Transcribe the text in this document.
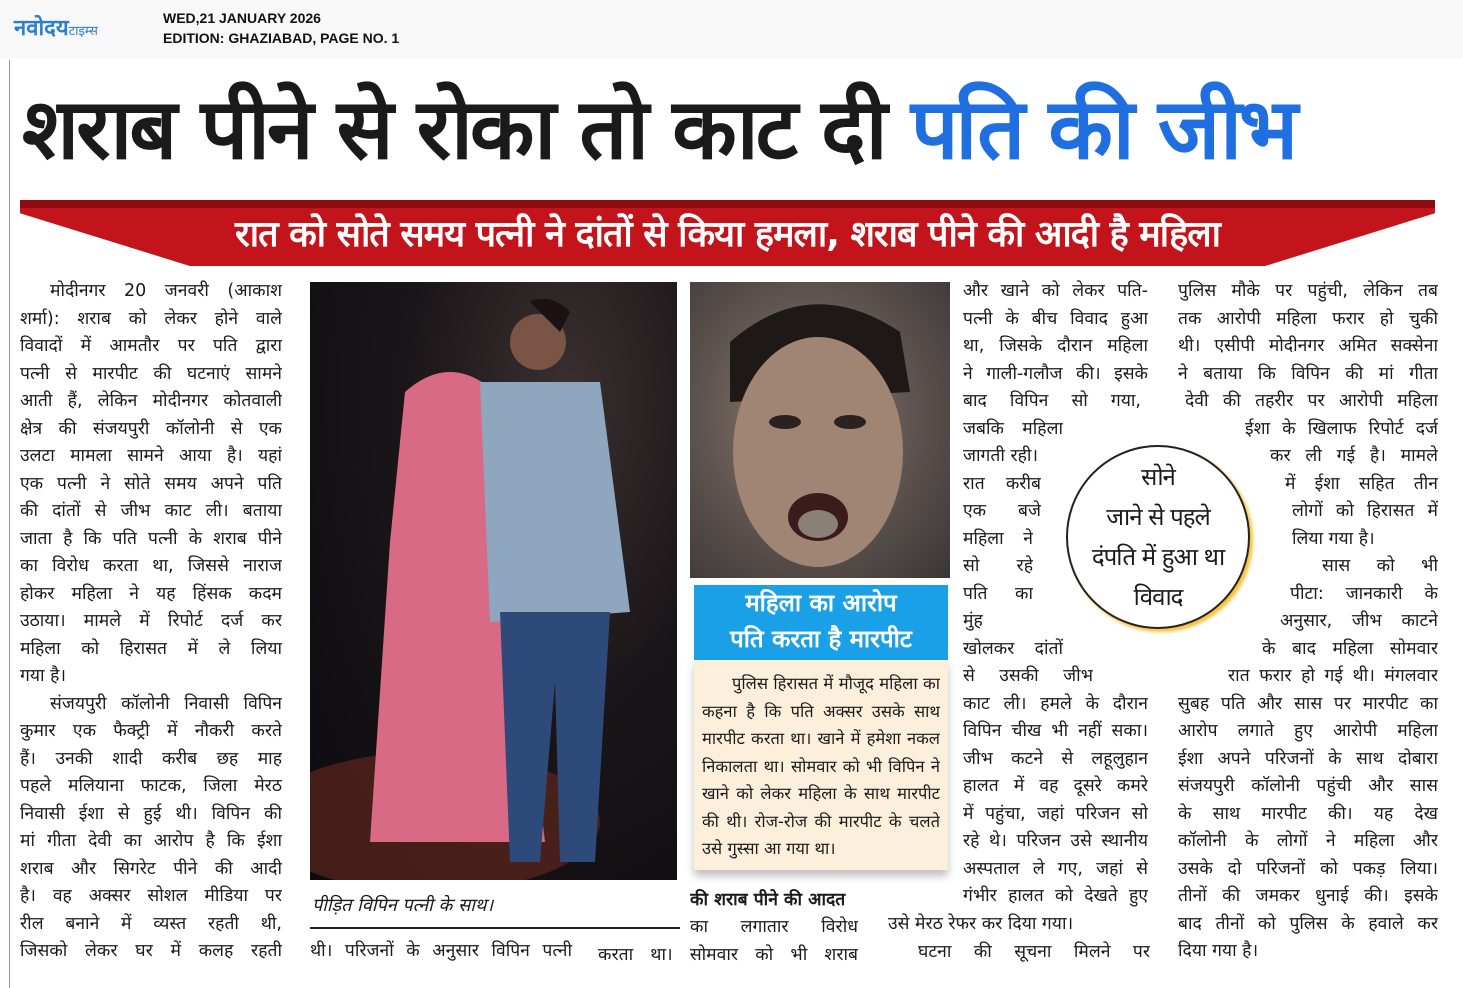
नवोदयटाइम्स
WED,21 JANUARY 2026
EDITION: GHAZIABAD, PAGE NO. 1
शराब पीने से रोका तो काट दी पति की जीभ
रात को सोते समय पत्नी ने दांतों से किया हमला, शराब पीने की आदी है महिला
मोदीनगर 20 जनवरी (आकाश
शर्मा): शराब को लेकर होने वाले
विवादों में आमतौर पर पति द्वारा
पत्नी से मारपीट की घटनाएं सामने
आती हैं, लेकिन मोदीनगर कोतवाली
क्षेत्र की संजयपुरी कॉलोनी से एक
उलटा मामला सामने आया है। यहां
एक पत्नी ने सोते समय अपने पति
की दांतों से जीभ काट ली। बताया
जाता है कि पति पत्नी के शराब पीने
का विरोध करता था, जिससे नाराज
होकर महिला ने यह हिंसक कदम
उठाया। मामले में रिपोर्ट दर्ज कर
महिला को हिरासत में ले लिया
गया है।
संजयपुरी कॉलोनी निवासी विपिन
कुमार एक फैक्ट्री में नौकरी करते
हैं। उनकी शादी करीब छह माह
पहले मलियाना फाटक, जिला मेरठ
निवासी ईशा से हुई थी। विपिन की
मां गीता देवी का आरोप है कि ईशा
शराब और सिगरेट पीने की आदी
है। वह अक्सर सोशल मीडिया पर
रील बनाने में व्यस्त रहती थी,
जिसको लेकर घर में कलह रहती
पीड़ित विपिन पत्नी के साथ।
थी। परिजनों के अनुसार विपिन पत्नी
महिला का आरोप
पति करता है मारपीट
पुलिस हिरासत में मौजूद महिला का
कहना है कि पति अक्सर उसके साथ
मारपीट करता था। खाने में हमेशा नकल
निकालता था। सोमवार को भी विपिन ने
खाने को लेकर महिला के साथ मारपीट
की थी। रोज-रोज की मारपीट के चलते
उसे गुस्सा आ गया था।
की शराब पीने की आदत
का लगातार विरोध
करता था। सोमवार को भी शराब
और खाने को लेकर पति-
पत्नी के बीच विवाद हुआ
था, जिसके दौरान महिला
ने गाली-गलौज की। इसके
बाद विपिन सो गया,
जबकि महिला
जागती रही।
रात करीब
एक बजे
महिला ने
सो रहे
पति का
मुंह
खोलकर दांतों
से उसकी जीभ
काट ली। हमले के दौरान
विपिन चीख भी नहीं सका।
जीभ कटने से लहूलुहान
हालत में वह दूसरे कमरे
में पहुंचा, जहां परिजन सो
रहे थे। परिजन उसे स्थानीय
अस्पताल ले गए, जहां से
गंभीर हालत को देखते हुए
उसे मेरठ रेफर कर दिया गया।
घटना की सूचना मिलने पर
पुलिस मौके पर पहुंची, लेकिन तब
तक आरोपी महिला फरार हो चुकी
थी। एसीपी मोदीनगर अमित सक्सेना
ने बताया कि विपिन की मां गीता
देवी की तहरीर पर आरोपी महिला
ईशा के खिलाफ रिपोर्ट दर्ज
कर ली गई है। मामले
में ईशा सहित तीन
लोगों को हिरासत में
लिया गया है।
सास को भी
पीटा: जानकारी के
अनुसार, जीभ काटने
के बाद महिला सोमवार
रात फरार हो गई थी। मंगलवार
सुबह पति और सास पर मारपीट का
आरोप लगाते हुए आरोपी महिला
ईशा अपने परिजनों के साथ दोबारा
संजयपुरी कॉलोनी पहुंची और सास
के साथ मारपीट की। यह देख
कॉलोनी के लोगों ने महिला और
उसके दो परिजनों को पकड़ लिया।
तीनों की जमकर धुनाई की। इसके
बाद तीनों को पुलिस के हवाले कर
दिया गया है।
सोने
जाने से पहले
दंपति में हुआ था
विवाद
